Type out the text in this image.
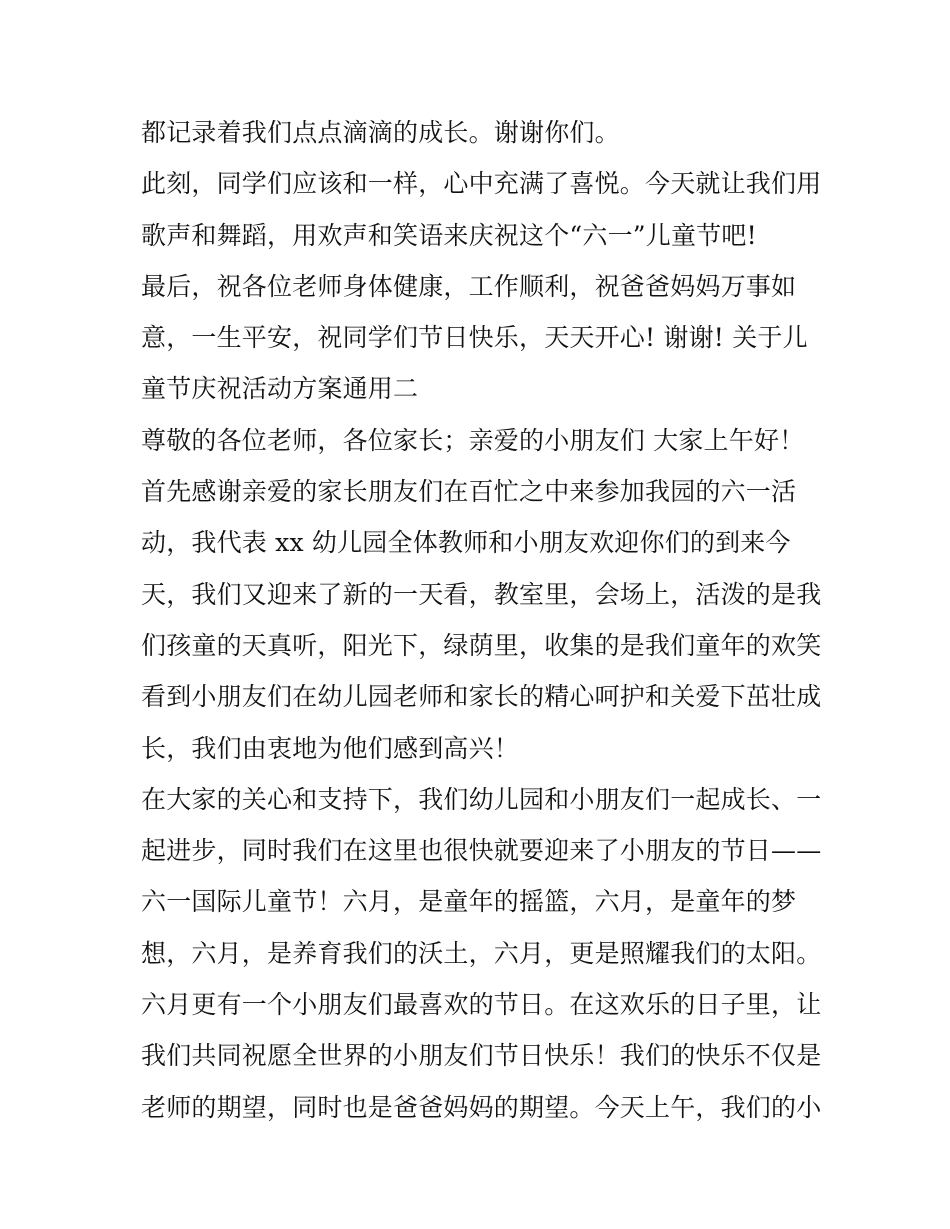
都记录着我们点点滴滴的成长。谢谢你们。
此刻，同学们应该和一样，心中充满了喜悦。今天就让我们用
歌声和舞蹈，用欢声和笑语来庆祝这个“六一”儿童节吧!
最后，祝各位老师身体健康，工作顺利，祝爸爸妈妈万事如
意，一生平安，祝同学们节日快乐，天天开心! 谢谢! 关于儿
童节庆祝活动方案通用二
尊敬的各位老师，各位家长；亲爱的小朋友们 大家上午好！
首先感谢亲爱的家长朋友们在百忙之中来参加我园的六一活
动，我代表 xx 幼儿园全体教师和小朋友欢迎你们的到来今
天，我们又迎来了新的一天看，教室里，会场上，活泼的是我
们孩童的天真听，阳光下，绿荫里，收集的是我们童年的欢笑
看到小朋友们在幼儿园老师和家长的精心呵护和关爱下茁壮成
长，我们由衷地为他们感到高兴！
在大家的关心和支持下，我们幼儿园和小朋友们一起成长、一
起进步，同时我们在这里也很快就要迎来了小朋友的节日——
六一国际儿童节！六月，是童年的摇篮，六月，是童年的梦
想，六月，是养育我们的沃土，六月，更是照耀我们的太阳。
六月更有一个小朋友们最喜欢的节日。在这欢乐的日子里，让
我们共同祝愿全世界的小朋友们节日快乐！我们的快乐不仅是
老师的期望，同时也是爸爸妈妈的期望。今天上午，我们的小
